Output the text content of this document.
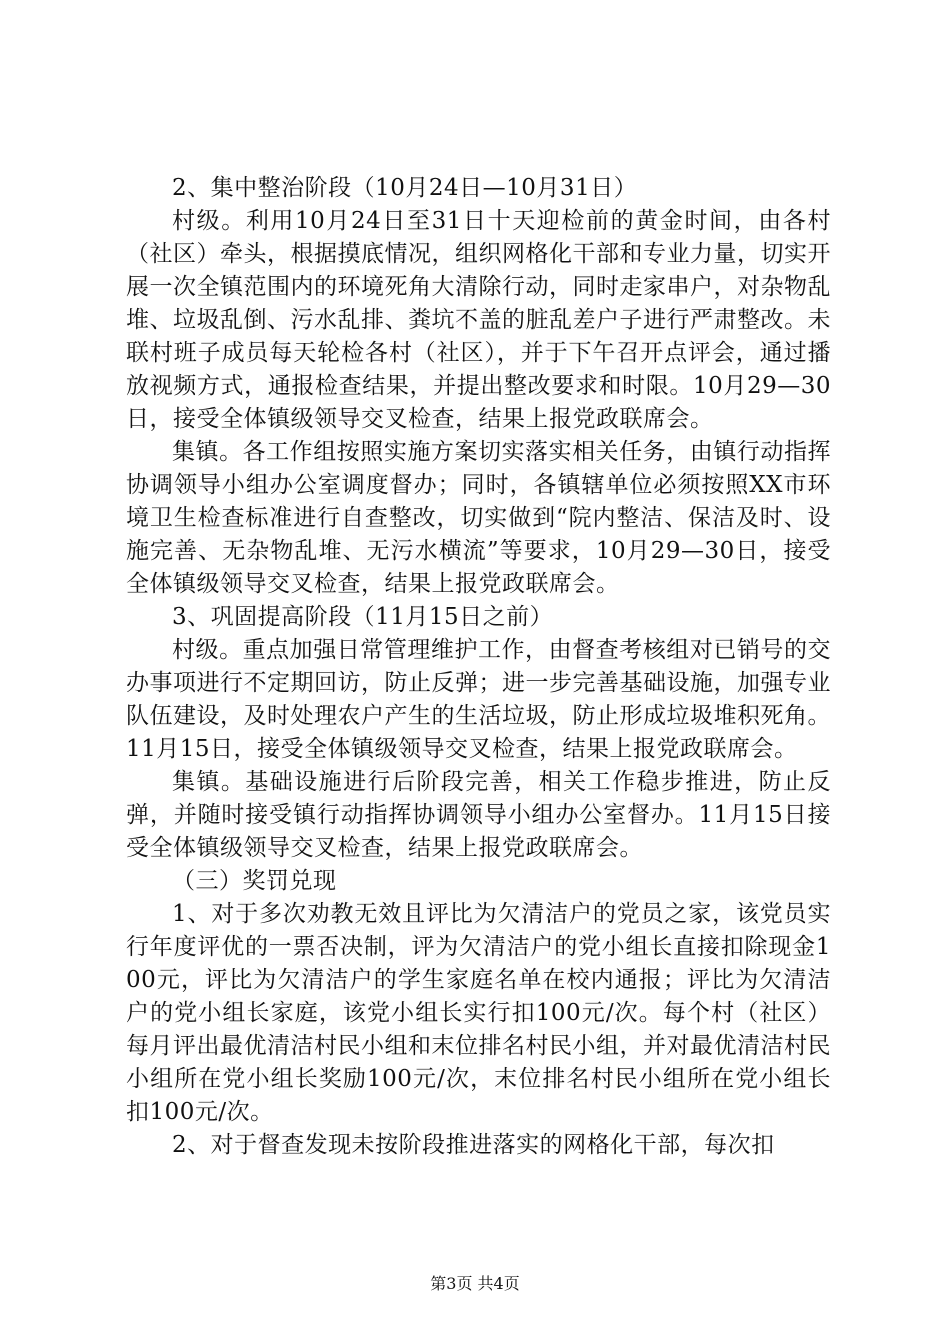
2、集中整治阶段（10月24日—10月31日）

村级。利用10月24日至31日十天迎检前的黄金时间，由各村（社区）牵头，根据摸底情况，组织网格化干部和专业力量，切实开展一次全镇范围内的环境死角大清除行动，同时走家串户，对杂物乱堆、垃圾乱倒、污水乱排、粪坑不盖的脏乱差户子进行严肃整改。未联村班子成员每天轮检各村（社区），并于下午召开点评会，通过播放视频方式，通报检查结果，并提出整改要求和时限。10月29—30日，接受全体镇级领导交叉检查，结果上报党政联席会。

集镇。各工作组按照实施方案切实落实相关任务，由镇行动指挥协调领导小组办公室调度督办；同时，各镇辖单位必须按照XX市环境卫生检查标准进行自查整改，切实做到“院内整洁、保洁及时、设施完善、无杂物乱堆、无污水横流”等要求，10月29—30日，接受全体镇级领导交叉检查，结果上报党政联席会。

3、巩固提高阶段（11月15日之前）

村级。重点加强日常管理维护工作，由督查考核组对已销号的交办事项进行不定期回访，防止反弹；进一步完善基础设施，加强专业队伍建设，及时处理农户产生的生活垃圾，防止形成垃圾堆积死角。11月15日，接受全体镇级领导交叉检查，结果上报党政联席会。

集镇。基础设施进行后阶段完善，相关工作稳步推进，防止反弹，并随时接受镇行动指挥协调领导小组办公室督办。11月15日接受全体镇级领导交叉检查，结果上报党政联席会。

（三）奖罚兑现

1、对于多次劝教无效且评比为欠清洁户的党员之家，该党员实行年度评优的一票否决制，评为欠清洁户的党小组长直接扣除现金100元，评比为欠清洁户的学生家庭名单在校内通报；评比为欠清洁户的党小组长家庭，该党小组长实行扣100元/次。每个村（社区）每月评出最优清洁村民小组和末位排名村民小组，并对最优清洁村民小组所在党小组长奖励100元/次，末位排名村民小组所在党小组长扣100元/次。

2、对于督查发现未按阶段推进落实的网格化干部，每次扣

第3页 共4页
